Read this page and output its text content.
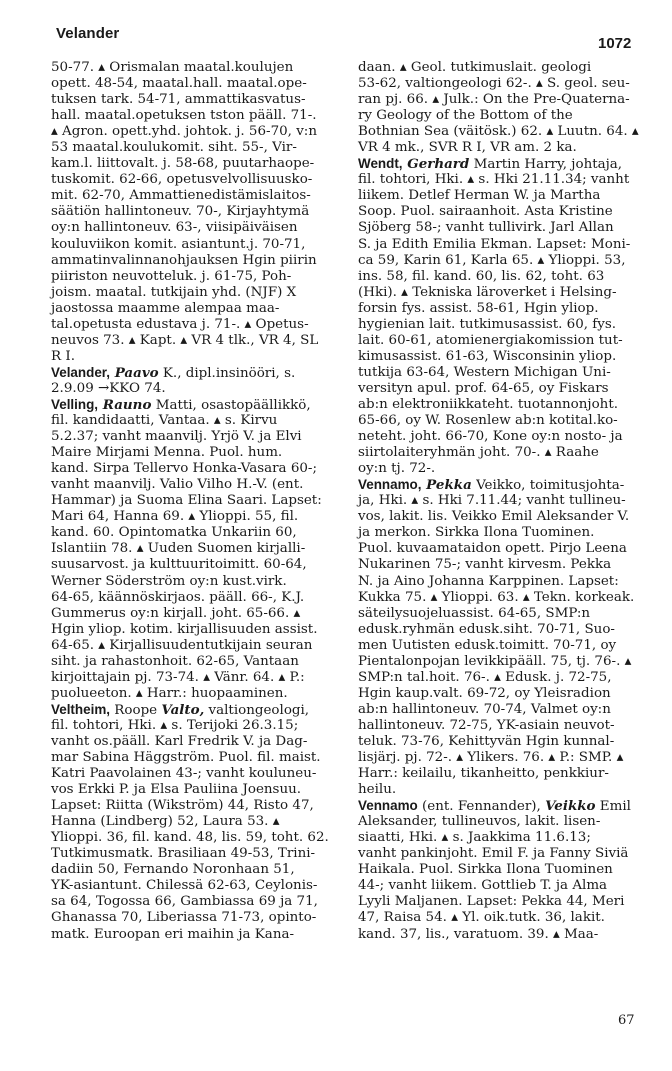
Velander
1072
50-77. ▴ Orismalan maatal.koulujen
opett. 48-54, maatal.hall. maatal.ope-
tuksen tark. 54-71, ammattikasvatus-
hall. maatal.opetuksen tston pääll. 71-.
▴ Agron. opett.yhd. johtok. j. 56-70, v:n
53 maatal.koulukomit. siht. 55-, Vir-
kam.l. liittovalt. j. 58-68, puutarhaope-
tuskomit. 62-66, opetusvelvollisuusko-
mit. 62-70, Ammattienedistämislaitos-
säätiön hallintoneuv. 70-, Kirjayhtymä
oy:n hallintoneuv. 63-, viisipäiväisen
kouluviikon komit. asiantunt.j. 70-71,
ammatinvalinnanohjauksen Hgin piirin
piiriston neuvotteluk. j. 61-75, Poh-
joism. maatal. tutkijain yhd. (NJF) X
jaostossa maamme alempaa maa-
tal.opetusta edustava j. 71-. ▴ Opetus-
neuvos 73. ▴ Kapt. ▴ VR 4 tlk., VR 4, SL
R I.
Velander, Paavo K., dipl.insinööri, s.
2.9.09 →KKO 74.
Velling, Rauno Matti, osastopäällikkö,
fil. kandidaatti, Vantaa. ▴ s. Kirvu
5.2.37; vanht maanvilj. Yrjö V. ja Elvi
Maire Mirjami Menna. Puol. hum.
kand. Sirpa Tellervo Honka-Vasara 60-;
vanht maanvilj. Valio Vilho H.-V. (ent.
Hammar) ja Suoma Elina Saari. Lapset:
Mari 64, Hanna 69. ▴ Ylioppi. 55, fil.
kand. 60. Opintomatka Unkariin 60,
Islantiin 78. ▴ Uuden Suomen kirjalli-
suusarvost. ja kulttuuritoimitt. 60-64,
Werner Söderström oy:n kust.virk.
64-65, käännöskirjaos. pääll. 66-, K.J.
Gummerus oy:n kirjall. joht. 65-66. ▴
Hgin yliop. kotim. kirjallisuuden assist.
64-65. ▴ Kirjallisuudentutkijain seuran
siht. ja rahastonhoit. 62-65, Vantaan
kirjoittajain pj. 73-74. ▴ Vänr. 64. ▴ P.:
puolueeton. ▴ Harr.: huopaaminen.
Veltheim, Roope Valto, valtiongeologi,
fil. tohtori, Hki. ▴ s. Terijoki 26.3.15;
vanht os.pääll. Karl Fredrik V. ja Dag-
mar Sabina Häggström. Puol. fil. maist.
Katri Paavolainen 43-; vanht kouluneu-
vos Erkki P. ja Elsa Pauliina Joensuu.
Lapset: Riitta (Wikström) 44, Risto 47,
Hanna (Lindberg) 52, Laura 53. ▴
Ylioppi. 36, fil. kand. 48, lis. 59, toht. 62.
Tutkimusmatk. Brasiliaan 49-53, Trini-
dadiin 50, Fernando Noronhaan 51,
YK-asiantunt. Chilessä 62-63, Ceylonis-
sa 64, Togossa 66, Gambiassa 69 ja 71,
Ghanassa 70, Liberiassa 71-73, opinto-
matk. Euroopan eri maihin ja Kana-
daan. ▴ Geol. tutkimuslait. geologi
53-62, valtiongeologi 62-. ▴ S. geol. seu-
ran pj. 66. ▴ Julk.: On the Pre-Quaterna-
ry Geology of the Bottom of the
Bothnian Sea (väitösk.) 62. ▴ Luutn. 64. ▴
VR 4 mk., SVR R I, VR am. 2 ka.
Wendt, Gerhard Martin Harry, johtaja,
fil. tohtori, Hki. ▴ s. Hki 21.11.34; vanht
liikem. Detlef Herman W. ja Martha
Soop. Puol. sairaanhoit. Asta Kristine
Sjöberg 58-; vanht tullivirk. Jarl Allan
S. ja Edith Emilia Ekman. Lapset: Moni-
ca 59, Karin 61, Karla 65. ▴ Ylioppi. 53,
ins. 58, fil. kand. 60, lis. 62, toht. 63
(Hki). ▴ Tekniska läroverket i Helsing-
forsin fys. assist. 58-61, Hgin yliop.
hygienian lait. tutkimusassist. 60, fys.
lait. 60-61, atomienergiakomission tut-
kimusassist. 61-63, Wisconsinin yliop.
tutkija 63-64, Western Michigan Uni-
versityn apul. prof. 64-65, oy Fiskars
ab:n elektroniikkateht. tuotannonjoht.
65-66, oy W. Rosenlew ab:n kotital.ko-
neteht. joht. 66-70, Kone oy:n nosto- ja
siirtolaiteryhmän joht. 70-. ▴ Raahe
oy:n tj. 72-.
Vennamo, Pekka Veikko, toimitusjohta-
ja, Hki. ▴ s. Hki 7.11.44; vanht tullineu-
vos, lakit. lis. Veikko Emil Aleksander V.
ja merkon. Sirkka Ilona Tuominen.
Puol. kuvaamataidon opett. Pirjo Leena
Nukarinen 75-; vanht kirvesm. Pekka
N. ja Aino Johanna Karppinen. Lapset:
Kukka 75. ▴ Ylioppi. 63. ▴ Tekn. korkeak.
säteilysuojeluassist. 64-65, SMP:n
edusk.ryhmän edusk.siht. 70-71, Suo-
men Uutisten edusk.toimitt. 70-71, oy
Pientalonpojan levikkipääll. 75, tj. 76-. ▴
SMP:n tal.hoit. 76-. ▴ Edusk. j. 72-75,
Hgin kaup.valt. 69-72, oy Yleisradion
ab:n hallintoneuv. 70-74, Valmet oy:n
hallintoneuv. 72-75, YK-asiain neuvot-
teluk. 73-76, Kehittyvän Hgin kunnal-
lisjärj. pj. 72-. ▴ Ylikers. 76. ▴ P.: SMP. ▴
Harr.: keilailu, tikanheitto, penkkiur-
heilu.
Vennamo (ent. Fennander), Veikko Emil
Aleksander, tullineuvos, lakit. lisen-
siaatti, Hki. ▴ s. Jaakkima 11.6.13;
vanht pankinjoht. Emil F. ja Fanny Siviä
Haikala. Puol. Sirkka Ilona Tuominen
44-; vanht liikem. Gottlieb T. ja Alma
Lyyli Maljanen. Lapset: Pekka 44, Meri
47, Raisa 54. ▴ Yl. oik.tutk. 36, lakit.
kand. 37, lis., varatuom. 39. ▴ Maa-
67
